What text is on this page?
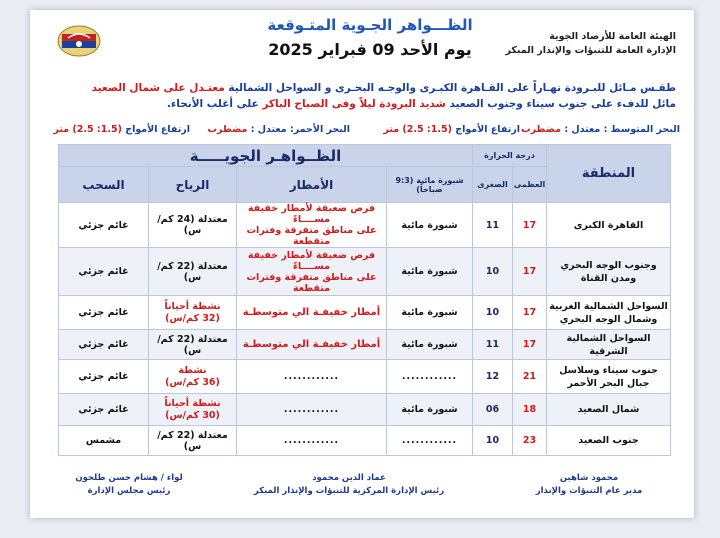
الهيئة العامة للأرصاد الجوية
الإدارة العامة للتنبؤات والإنذار المبكر
الظـــواهر الجـوية المتـوقعة
يوم الأحد 09 فبراير 2025
طقـس مـائل للبـرودة نهـاراً على القـاهرة الكبـرى والوجـه البحـرى و السواحل الشمالية معتـدل على شمال الصعيد
مائل للدفء على جنوب سيناء وجنوب الصعيد شديد البرودة ليلاً وفى الصباح الباكر على أغلب الأنحاء.
البحر المتوسط : معتدل : مضطرب
ارتفاع الأمواج (1.5: 2.5) متر
البحر الأحمر: معتدل : مضطرب
ارتفاع الأمواج (1.5: 2.5) متر
المنطقة	درجة الحرارة		الظــواهـر الجويـــــة			
	العظمى	الصغرى	شبورة مائية (9:3 صباحاً)	الأمطار	الرياح	السحب
القاهرة الكبرى	17	11	شبورة مائية	فرص ضعيفة لأمطار خفيفة
مســــاءً
على مناطق متفرقة وفترات متقطعة	معتدلة (24 كم/س)	غائم جزئي
وجنوب الوجه البحري ومدن القناة	17	10	شبورة مائية	فرص ضعيفة لأمطار خفيفة
مســــاءً
على مناطق متفرقة وفترات متقطعة	معتدلة (22 كم/س)	غائم جزئي
السواحل الشمالية الغربية وشمال الوجه البحري	17	10	شبورة مائية	أمطار خفيفـة الي متوسطـة	نشطة أحياناً
(32 كم/س)	غائم جزئي
السواحل الشمالية الشرقية	17	11	شبورة مائية	أمطار خفيفـة الي متوسطـة	معتدلة (22 كم/س)	غائم جزئي
جنوب سيناء وسلاسل جبال البحر الأحمر	21	12	............	............	نشطة
(36 كم/س)	غائم جزئي
شمال الصعيد	18	06	شبورة مائية	............	نشطة أحياناً
(30 كم/س)	غائم جزئي
جنوب الصعيد	23	10	............	............	معتدلة (22 كم/س)	مشمس
محمود شاهين
مدير عام التنبؤات والإنذار
عماد الدين محمود
رئيس الإدارة المركزية للتنبؤات والإنذار المبكر
لواء / هشام حسن طلحون
رئيس مجلس الإدارة
